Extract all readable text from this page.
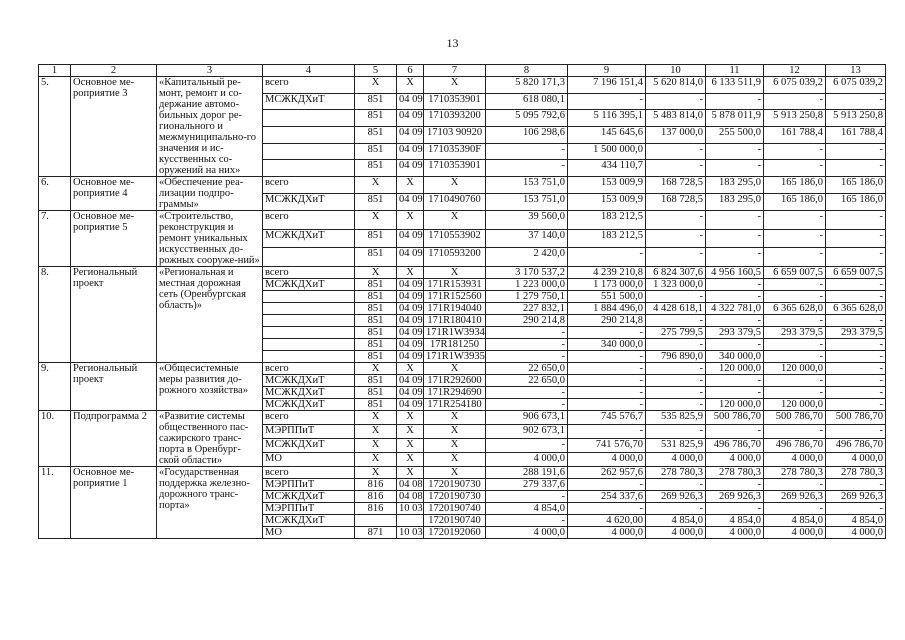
13
1	2	3	4	5	6	7	8	9	10	11	12	13
5.	Основное ме-роприятие 3	«Капитальный ре-монт, ремонт и со-держание автомо-бильных дорог ре-гионального и межмуниципально-го значения и ис-кусственных со-оружений на них»	всего	X	X	X	5 820 171,3	7 196 151,4	5 620 814,0	6 133 511,9	6 075 039,2	6 075 039,2
			МСЖКДХиТ	851	04 09	1710353901	618 080,1	-	-	-	-	-
				851	04 09	1710393200	5 095 792,6	5 116 395,1	5 483 814,0	5 878 011,9	5 913 250,8	5 913 250,8
				851	04 09	17103 90920	106 298,6	145 645,6	137 000,0	255 500,0	161 788,4	161 788,4
				851	04 09	171035390F	-	1 500 000,0	-	-	-	-
				851	04 09	1710353901	-	434 110,7	-	-	-	-
6.	Основное ме-роприятие 4	«Обеспечение реа-лизации подпро-граммы»	всего	X	X	X	153 751,0	153 009,9	168 728,5	183 295,0	165 186,0	165 186,0
			МСЖКДХиТ	851	04 09	1710490760	153 751,0	153 009,9	168 728,5	183 295,0	165 186,0	165 186,0
7.	Основное ме-роприятие 5	«Строительство, реконструкция и ремонт уникальных искусственных до-рожных сооруже-ний»	всего	X	X	X	39 560,0	183 212,5	-	-	-	-
			МСЖКДХиТ	851	04 09	1710553902	37 140,0	183 212,5	-	-	-	-
				851	04 09	1710593200	2 420,0	-	-	-	-	-
8.	Региональный проект	«Региональная и местная дорожная сеть (Оренбургская область)»	всего	X	X	X	3 170 537,2	4 239 210,8	6 824 307,6	4 956 160,5	6 659 007,5	6 659 007,5
			МСЖКДХиТ	851	04 09	171R153931	1 223 000,0	1 173 000,0	1 323 000,0	-	-	-
				851	04 09	171R152560	1 279 750,1	551 500,0	-	-	-	-
				851	04 09	171R194040	227 832,1	1 884 496,0	4 428 618,1	4 322 781,0	6 365 628,0	6 365 628,0
				851	04 09	171R180410	290 214,8	290 214,8	-	-	-	-
				851	04 09	171R1W3934	-	-	275 799,5	293 379,5	293 379,5	293 379,5
				851	04 09	17R181250	-	340 000,0	-	-	-	-
				851	04 09	171R1W3935	-	-	796 890,0	340 000,0	-	-
9.	Региональный проект	«Общесистемные меры развития до-рожного хозяйства»	всего	X	X	X	22 650,0	-	-	120 000,0	120 000,0	-
			МСЖКДХиТ	851	04 09	171R292600	22 650,0	-	-	-	-	-
			МСЖКДХиТ	851	04 09	171R294690	-	-	-	-	-	-
			МСЖКДХиТ	851	04 09	171R254180	-	-	-	120 000,0	120 000,0	-
10.	Подпрограмма 2	«Развитие системы общественного пас-сажирского транс-порта в Оренбург-ской области»	всего	X	X	X	906 673,1	745 576,7	535 825,9	500 786,70	500 786,70	500 786,70
			МЭРППиТ	X	X	X	902 673,1	-	-	-	-	-
			МСЖКДХиТ	X	X	X	-	741 576,70	531 825,9	496 786,70	496 786,70	496 786,70
			МО	X	X	X	4 000,0	4 000,0	4 000,0	4 000,0	4 000,0	4 000,0
11.	Основное ме-роприятие 1	«Государственная поддержка железно-дорожного транс-порта»	всего	X	X	X	288 191,6	262 957,6	278 780,3	278 780,3	278 780,3	278 780,3
			МЭРППиТ	816	04 08	1720190730	279 337,6	-	-	-	-	-
			МСЖКДХиТ	816	04 08	1720190730	-	254 337,6	269 926,3	269 926,3	269 926,3	269 926,3
			МЭРППиТ	816	10 03	1720190740	4 854,0	-	-	-	-	-
			МСЖКДХиТ			1720190740	-	4 620,00	4 854,0	4 854,0	4 854,0	4 854,0
			МО	871	10 03	1720192060	4 000,0	4 000,0	4 000,0	4 000,0	4 000,0	4 000,0
